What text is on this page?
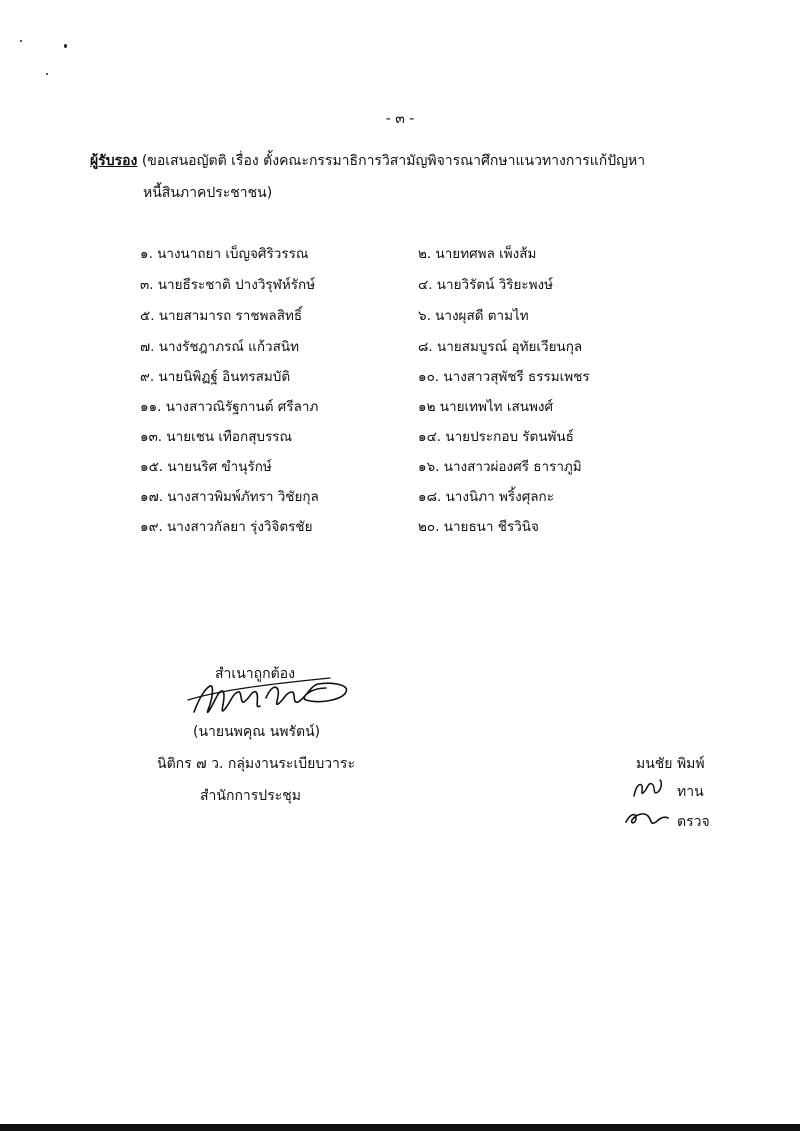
- ๓ -
ผู้รับรอง (ขอเสนอญัตติ เรื่อง ตั้งคณะกรรมาธิการวิสามัญพิจารณาศึกษาแนวทางการแก้ปัญหา
หนี้สินภาคประชาชน)
๑. นางนาถยา เบ็ญจศิริวรรณ
๓. นายธีระชาติ ปางวิรุฬห์รักษ์
๕. นายสามารถ ราชพลสิทธิ์
๗. นางรัชฎาภรณ์ แก้วสนิท
๙. นายนิพิฏฐ์ อินทรสมบัติ
๑๑. นางสาวณิรัฐกานต์ ศรีลาภ
๑๓. นายเชน เทือกสุบรรณ
๑๕. นายนริศ ขำนุรักษ์
๑๗. นางสาวพิมพ์ภัทรา วิชัยกุล
๑๙. นางสาวกัลยา รุ่งวิจิตรชัย
๒. นายทศพล เพ็งส้ม
๔. นายวิรัตน์ วิริยะพงษ์
๖. นางผุสดี ตามไท
๘. นายสมบูรณ์ อุทัยเวียนกุล
๑๐. นางสาวสุพัชรี ธรรมเพชร
๑๒ นายเทพไท เสนพงศ์
๑๔. นายประกอบ รัตนพันธ์
๑๖. นางสาวผ่องศรี ธาราภูมิ
๑๘. นางนิภา พริ้งศุลกะ
๒๐. นายธนา ชีรวินิจ
สำเนาถูกต้อง
(นายนพคุณ นพรัตน์)
นิติกร ๗ ว. กลุ่มงานระเบียบวาระ
สำนักการประชุม
มนชัย พิมพ์
ทาน
ตรวจ
